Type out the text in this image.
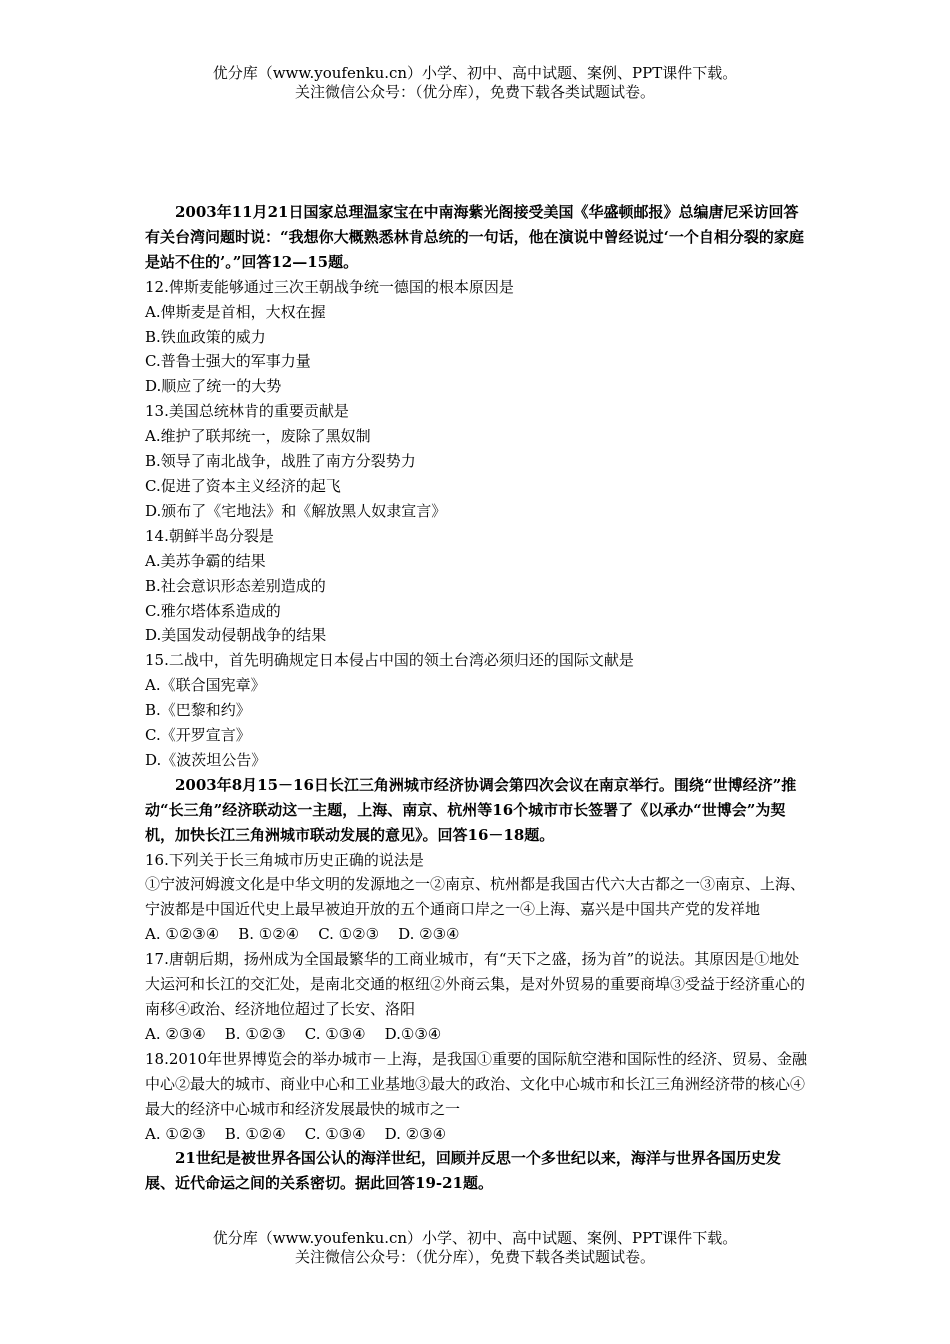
优分库（www.youfenku.cn）小学、初中、高中试题、案例、PPT课件下载。
关注微信公众号：（优分库），免费下载各类试题试卷。

2003年11月21日国家总理温家宝在中南海紫光阁接受美国《华盛顿邮报》总编唐尼采访回答有关台湾问题时说：“我想你大概熟悉林肯总统的一句话，他在演说中曾经说过‘一个自相分裂的家庭是站不住的’。”回答12—15题。

12.俾斯麦能够通过三次王朝战争统一德国的根本原因是

A.俾斯麦是首相，大权在握

B.铁血政策的威力

C.普鲁士强大的军事力量

D.顺应了统一的大势

13.美国总统林肯的重要贡献是

A.维护了联邦统一，废除了黑奴制

B.领导了南北战争，战胜了南方分裂势力

C.促进了资本主义经济的起飞

D.颁布了《宅地法》和《解放黑人奴隶宣言》

14.朝鲜半岛分裂是

A.美苏争霸的结果

B.社会意识形态差别造成的

C.雅尔塔体系造成的

D.美国发动侵朝战争的结果

15.二战中，首先明确规定日本侵占中国的领土台湾必须归还的国际文献是

A.《联合国宪章》

B.《巴黎和约》

C.《开罗宣言》

D.《波茨坦公告》

2003年8月15－16日长江三角洲城市经济协调会第四次会议在南京举行。围绕“世博经济”推动“长三角”经济联动这一主题，上海、南京、杭州等16个城市市长签署了《以承办“世博会”为契机，加快长江三角洲城市联动发展的意见》。回答16－18题。

16.下列关于长三角城市历史正确的说法是

①宁波河姆渡文化是中华文明的发源地之一②南京、杭州都是我国古代六大古都之一③南京、上海、宁波都是中国近代史上最早被迫开放的五个通商口岸之一④上海、嘉兴是中国共产党的发祥地

A. ①②③④    B. ①②④    C. ①②③    D. ②③④

17.唐朝后期，扬州成为全国最繁华的工商业城市，有“天下之盛，扬为首”的说法。其原因是①地处大运河和长江的交汇处，是南北交通的枢纽②外商云集，是对外贸易的重要商埠③受益于经济重心的南移④政治、经济地位超过了长安、洛阳

A. ②③④    B. ①②③    C. ①③④    D.①③④

18.2010年世界博览会的举办城市－上海，是我国①重要的国际航空港和国际性的经济、贸易、金融中心②最大的城市、商业中心和工业基地③最大的政治、文化中心城市和长江三角洲经济带的核心④最大的经济中心城市和经济发展最快的城市之一

A. ①②③    B. ①②④    C. ①③④    D. ②③④

21世纪是被世界各国公认的海洋世纪，回顾并反思一个多世纪以来，海洋与世界各国历史发展、近代命运之间的关系密切。据此回答19-21题。

优分库（www.youfenku.cn）小学、初中、高中试题、案例、PPT课件下载。
关注微信公众号：（优分库），免费下载各类试题试卷。
